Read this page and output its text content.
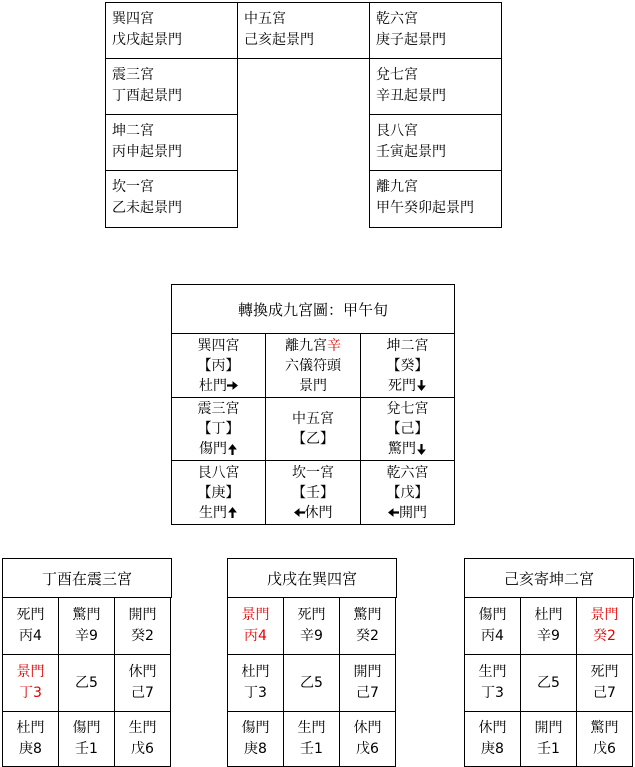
巽四宮
戊戌起景門
震三宮
丁酉起景門
坤二宮
丙申起景門
坎一宮
乙未起景門
中五宮
己亥起景門
乾六宮
庚子起景門
兌七宮
辛丑起景門
艮八宮
壬寅起景門
離九宮
甲午癸卯起景門
轉換成九宮圖：甲午旬
巽四宮
【丙】
杜門
離九宮辛
六儀符頭
景門
坤二宮
【癸】
死門
震三宮
【丁】
傷門
中五宮
【乙】
兌七宮
【己】
驚門
艮八宮
【庚】
生門
坎一宮
【壬】
休門
乾六宮
【戊】
開門
丁酉在震三宮
死門
丙4
驚門
辛9
開門
癸2
景門
丁3
乙5
休門
己7
杜門
庚8
傷門
壬1
生門
戊6
戊戌在巽四宮
景門
丙4
死門
辛9
驚門
癸2
杜門
丁3
乙5
開門
己7
傷門
庚8
生門
壬1
休門
戊6
己亥寄坤二宮
傷門
丙4
杜門
辛9
景門
癸2
生門
丁3
乙5
死門
己7
休門
庚8
開門
壬1
驚門
戊6
